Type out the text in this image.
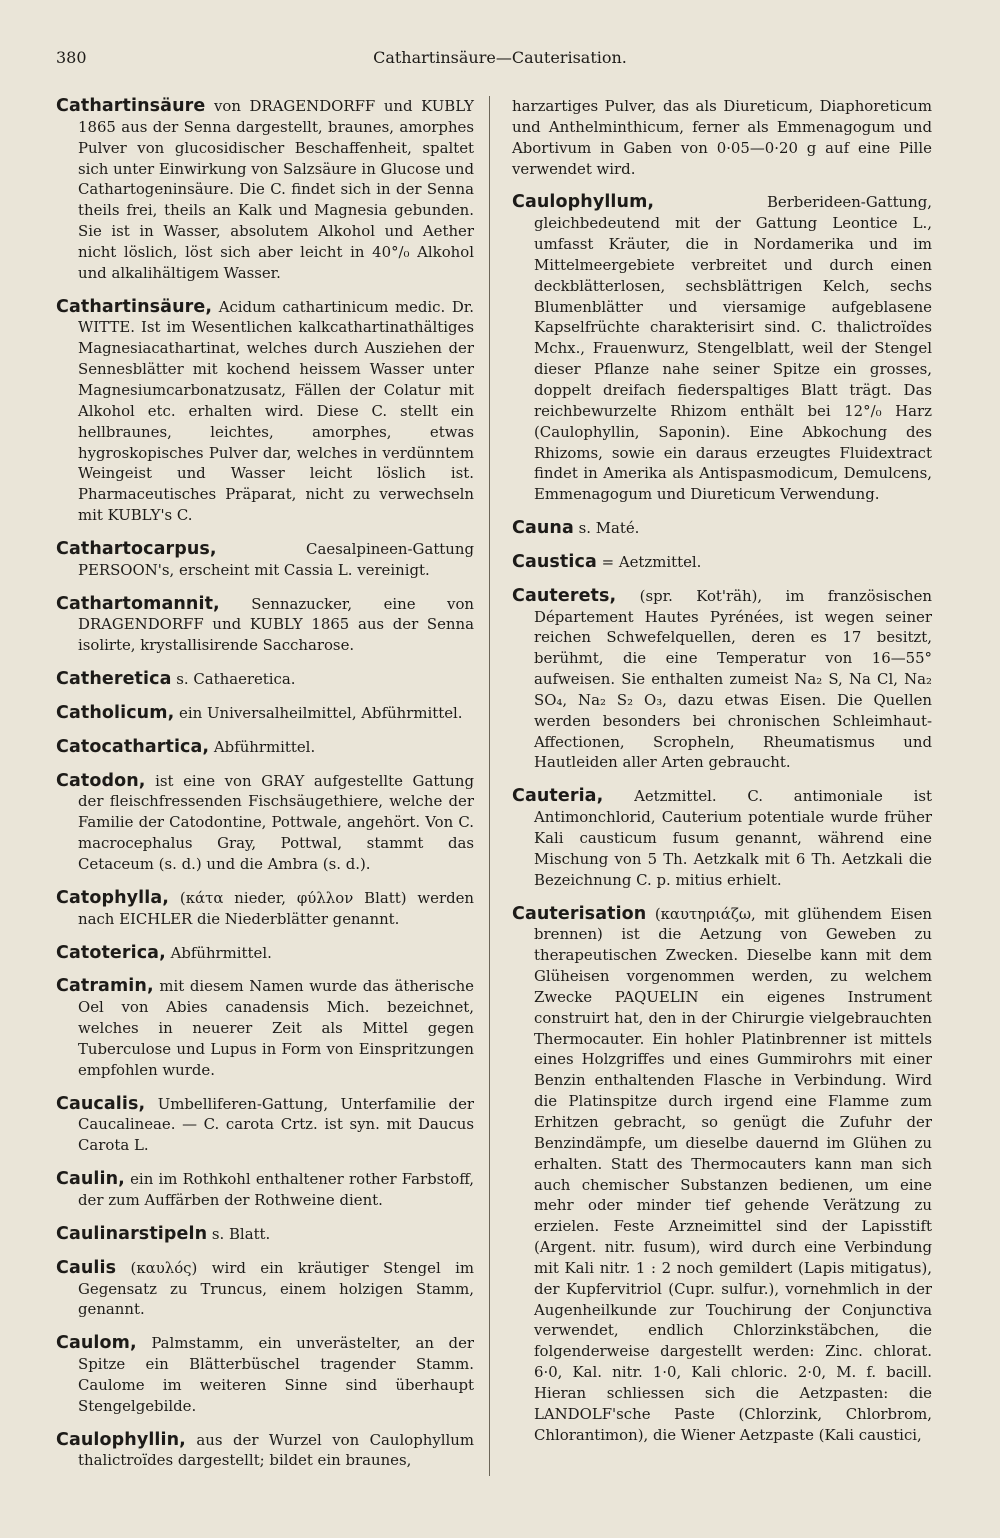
380	Cathartinsäure—Cauterisation.

Cathartinsäure von DRAGENDORFF und KUBLY 1865 aus der Senna dargestellt, braunes, amorphes Pulver von glucosidischer Beschaffenheit, spaltet sich unter Einwirkung von Salzsäure in Glucose und Cathartogeninsäure. Die C. findet sich in der Senna theils frei, theils an Kalk und Magnesia gebunden. Sie ist in Wasser, absolutem Alkohol und Aether nicht löslich, löst sich aber leicht in 40°/₀ Alkohol und alkalihältigem Wasser.

Cathartinsäure, Acidum cathartinicum medic. Dr. WITTE. Ist im Wesentlichen kalkcathartinathältiges Magnesiacathartinat, welches durch Ausziehen der Sennesblätter mit kochend heissem Wasser unter Magnesiumcarbonatzusatz, Fällen der Colatur mit Alkohol etc. erhalten wird. Diese C. stellt ein hellbraunes, leichtes, amorphes, etwas hygroskopisches Pulver dar, welches in verdünntem Weingeist und Wasser leicht löslich ist. Pharmaceutisches Präparat, nicht zu verwechseln mit KUBLY's C.

Cathartocarpus,	Caesalpineen-Gattung PERSOON's, erscheint mit Cassia L. vereinigt.

Cathartomannit, Sennazucker, eine von DRAGENDORFF und KUBLY 1865 aus der Senna isolirte, krystallisirende Saccharose.

Catheretica s. Cathaeretica.

Catholicum, ein Universalheilmittel, Abführmittel.

Catocathartica, Abführmittel.

Catodon, ist eine von GRAY aufgestellte Gattung der fleischfressenden Fischsäugethiere, welche der Familie der Catodontine, Pottwale, angehört. Von C. macrocephalus Gray, Pottwal, stammt das Cetaceum (s. d.) und die Ambra (s. d.).

Catophylla, (κάτα nieder, φύλλον Blatt) werden nach EICHLER die Niederblätter genannt.

Catoterica, Abführmittel.

Catramin, mit diesem Namen wurde das ätherische Oel von Abies canadensis Mich. bezeichnet, welches in neuerer Zeit als Mittel gegen Tuberculose und Lupus in Form von Einspritzungen empfohlen wurde.

Caucalis, Umbelliferen-Gattung, Unterfamilie der Caucalineae. — C. carota Crtz. ist syn. mit Daucus Carota L.

Caulin, ein im Rothkohl enthaltener rother Farbstoff, der zum Auffärben der Rothweine dient.

Caulinarstipeln s. Blatt.

Caulis (καυλός) wird ein kräutiger Stengel im Gegensatz zu Truncus, einem holzigen Stamm, genannt.

Caulom, Palmstamm, ein unverästelter, an der Spitze ein Blätterbüschel tragender Stamm. Caulome im weiteren Sinne sind überhaupt Stengelgebilde.

Caulophyllin, aus der Wurzel von Caulophyllum thalictroïdes dargestellt; bildet ein braunes,

harzartiges Pulver, das als Diureticum, Diaphoreticum und Anthelminthicum, ferner als Emmenagogum und Abortivum in Gaben von 0·05—0·20 g auf eine Pille verwendet wird.

Caulophyllum,	Berberideen-Gattung, gleichbedeutend mit der Gattung Leontice L., umfasst Kräuter, die in Nordamerika und im Mittelmeergebiete verbreitet und durch einen deckblätterlosen, sechsblättrigen Kelch, sechs Blumenblätter und viersamige aufgeblasene Kapselfrüchte charakterisirt sind. C. thalictroïdes Mchx., Frauenwurz, Stengelblatt, weil der Stengel dieser Pflanze nahe seiner Spitze ein grosses, doppelt dreifach fiederspaltiges Blatt trägt. Das reichbewurzelte Rhizom enthält bei 12°/₀ Harz (Caulophyllin, Saponin). Eine Abkochung des Rhizoms, sowie ein daraus erzeugtes Fluidextract findet in Amerika als Antispasmodicum, Demulcens, Emmenagogum und Diureticum Verwendung.

Cauna s. Maté.

Caustica = Aetzmittel.

Cauterets, (spr. Kot'räh), im französischen Département Hautes Pyrénées, ist wegen seiner reichen Schwefelquellen, deren es 17 besitzt, berühmt, die eine Temperatur von 16—55° aufweisen. Sie enthalten zumeist Na₂ S, Na Cl, Na₂ SO₄, Na₂ S₂ O₃, dazu etwas Eisen. Die Quellen werden besonders bei chronischen Schleimhaut-Affectionen, Scropheln, Rheumatismus und Hautleiden aller Arten gebraucht.

Cauteria, Aetzmittel. C. antimoniale ist Antimonchlorid, Cauterium potentiale wurde früher Kali causticum fusum genannt, während eine Mischung von 5 Th. Aetzkalk mit 6 Th. Aetzkali die Bezeichnung C. p. mitius erhielt.

Cauterisation (καυτηριάζω, mit glühendem Eisen brennen) ist die Aetzung von Geweben zu therapeutischen Zwecken. Dieselbe kann mit dem Glüheisen vorgenommen werden, zu welchem Zwecke PAQUELIN ein eigenes Instrument construirt hat, den in der Chirurgie vielgebrauchten Thermocauter. Ein hohler Platinbrenner ist mittels eines Holzgriffes und eines Gummirohrs mit einer Benzin enthaltenden Flasche in Verbindung. Wird die Platinspitze durch irgend eine Flamme zum Erhitzen gebracht, so genügt die Zufuhr der Benzindämpfe, um dieselbe dauernd im Glühen zu erhalten. Statt des Thermocauters kann man sich auch chemischer Substanzen bedienen, um eine mehr oder minder tief gehende Verätzung zu erzielen. Feste Arzneimittel sind der Lapisstift (Argent. nitr. fusum), wird durch eine Verbindung mit Kali nitr. 1 : 2 noch gemildert (Lapis mitigatus), der Kupfervitriol (Cupr. sulfur.), vornehmlich in der Augenheilkunde zur Touchirung der Conjunctiva verwendet, endlich Chlorzinkstäbchen, die folgenderweise dargestellt werden: Zinc. chlorat. 6·0, Kal. nitr. 1·0, Kali chloric. 2·0, M. f. bacill. Hieran schliessen sich die Aetzpasten: die LANDOLF'sche Paste (Chlorzink, Chlorbrom, Chlorantimon), die Wiener Aetzpaste (Kali caustici,
